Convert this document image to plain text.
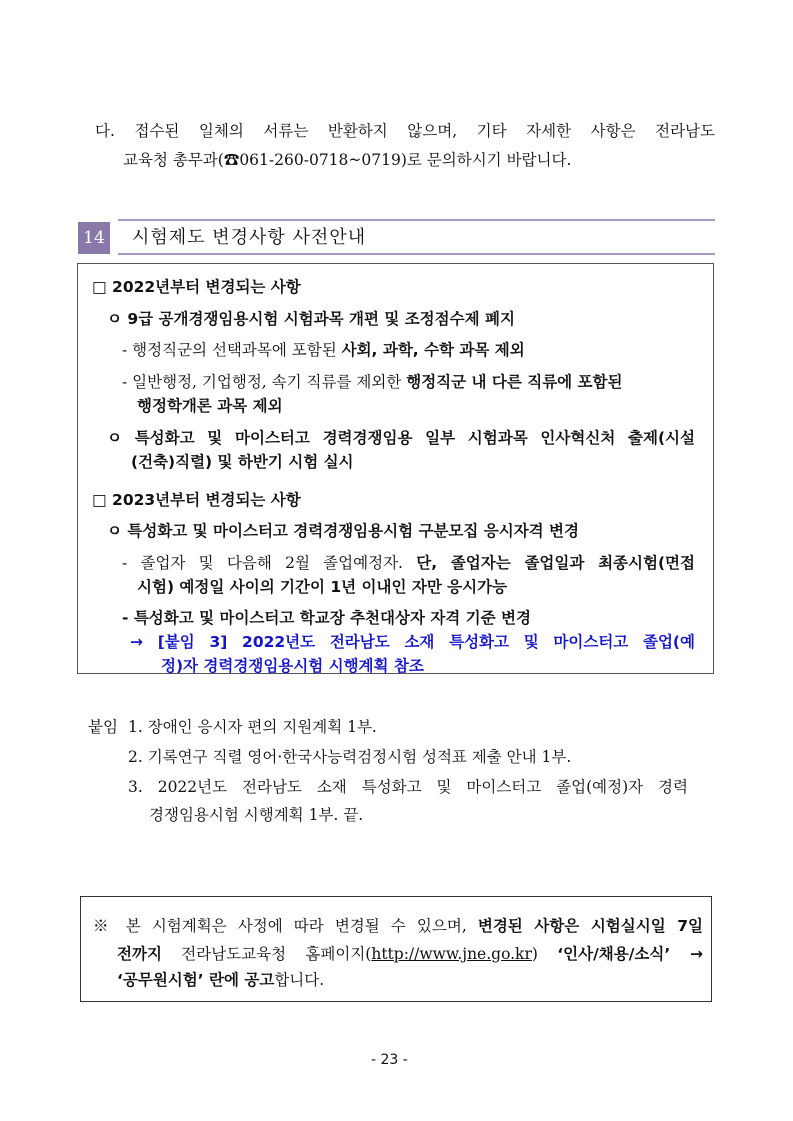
다. 접수된 일체의 서류는 반환하지 않으며, 기타 자세한 사항은 전라남도
교육청 총무과(☎061-260-0718~0719)로 문의하시기 바랍니다.
14 시험제도 변경사항 사전안내
□ 2022년부터 변경되는 사항
ㅇ 9급 공개경쟁임용시험 시험과목 개편 및 조정점수제 폐지
- 행정직군의 선택과목에 포함된 사회, 과학, 수학 과목 제외
- 일반행정, 기업행정, 속기 직류를 제외한 행정직군 내 다른 직류에 포함된
행정학개론 과목 제외
ㅇ 특성화고 및 마이스터고 경력경쟁임용 일부 시험과목 인사혁신처 출제(시설
(건축)직렬) 및 하반기 시험 실시
□ 2023년부터 변경되는 사항
ㅇ 특성화고 및 마이스터고 경력경쟁임용시험 구분모집 응시자격 변경
- 졸업자 및 다음해 2월 졸업예정자. 단, 졸업자는 졸업일과 최종시험(면접
시험) 예정일 사이의 기간이 1년 이내인 자만 응시가능
- 특성화고 및 마이스터고 학교장 추천대상자 자격 기준 변경
→ [붙임 3] 2022년도 전라남도 소재 특성화고 및 마이스터고 졸업(예
정)자 경력경쟁임용시험 시행계획 참조
붙임 1. 장애인 응시자 편의 지원계획 1부.
2. 기록연구 직렬 영어·한국사능력검정시험 성적표 제출 안내 1부.
3. 2022년도 전라남도 소재 특성화고 및 마이스터고 졸업(예정)자 경력
경쟁임용시험 시행계획 1부. 끝.
※ 본 시험계획은 사정에 따라 변경될 수 있으며, 변경된 사항은 시험실시일 7일
전까지 전라남도교육청 홈페이지(http://www.jne.go.kr) ‘인사/채용/소식’ →
‘공무원시험’ 란에 공고합니다.
- 23 -
